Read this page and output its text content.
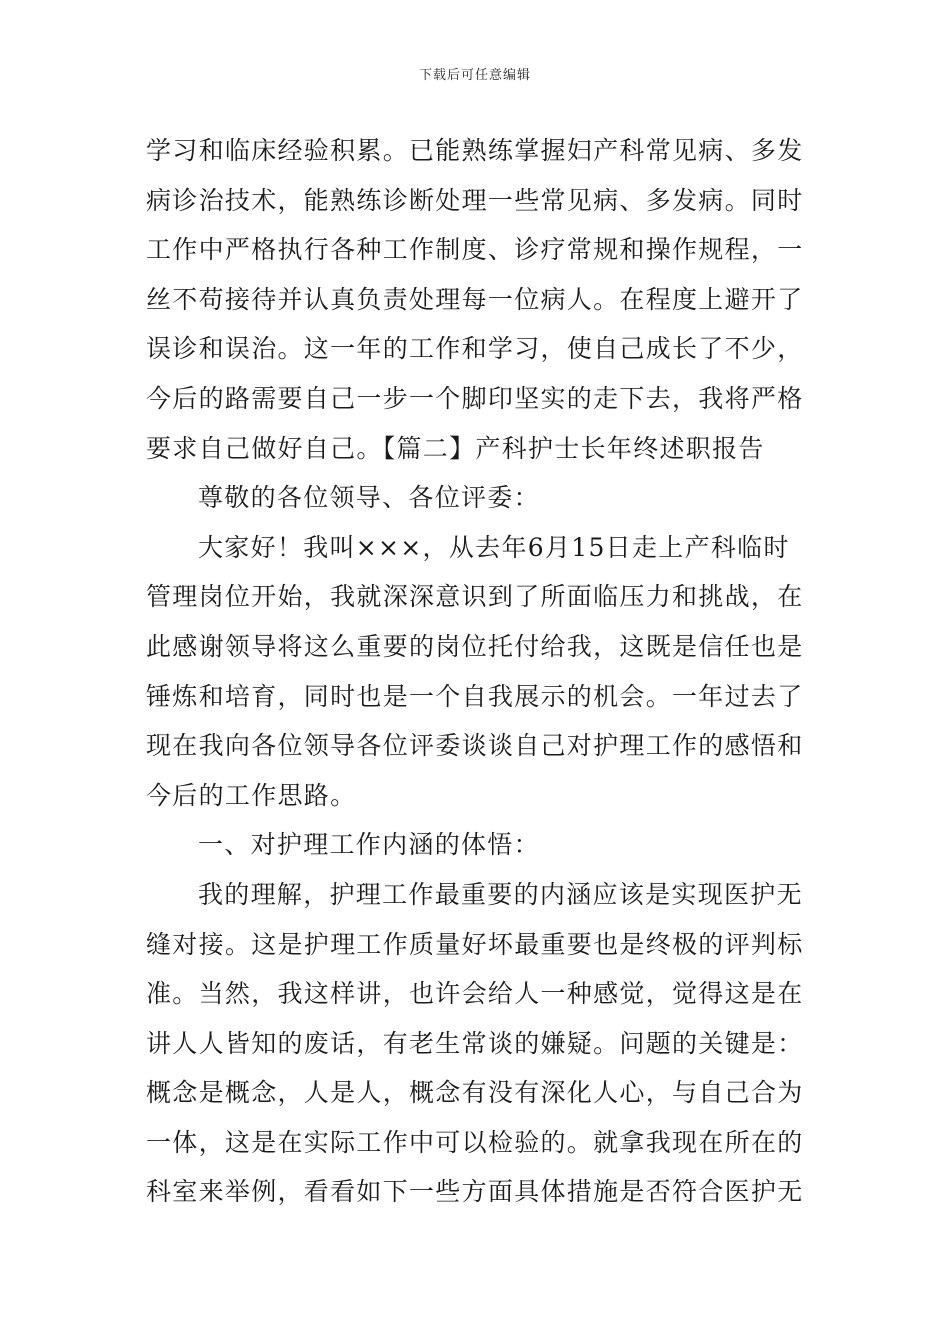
下载后可任意编辑
学习和临床经验积累。已能熟练掌握妇产科常见病、多发
病诊治技术，能熟练诊断处理一些常见病、多发病。同时
工作中严格执行各种工作制度、诊疗常规和操作规程，一
丝不苟接待并认真负责处理每一位病人。在程度上避开了
误诊和误治。这一年的工作和学习，使自己成长了不少，
今后的路需要自己一步一个脚印坚实的走下去，我将严格
要求自己做好自己。【篇二】产科护士长年终述职报告
尊敬的各位领导、各位评委：
大家好！我叫×××，从去年6月15日走上产科临时
管理岗位开始，我就深深意识到了所面临压力和挑战，在
此感谢领导将这么重要的岗位托付给我，这既是信任也是
锤炼和培育，同时也是一个自我展示的机会。一年过去了
现在我向各位领导各位评委谈谈自己对护理工作的感悟和
今后的工作思路。
一、对护理工作内涵的体悟：
我的理解，护理工作最重要的内涵应该是实现医护无
缝对接。这是护理工作质量好坏最重要也是终极的评判标
准。当然，我这样讲，也许会给人一种感觉，觉得这是在
讲人人皆知的废话，有老生常谈的嫌疑。问题的关键是：
概念是概念，人是人，概念有没有深化人心，与自己合为
一体，这是在实际工作中可以检验的。就拿我现在所在的
科室来举例，看看如下一些方面具体措施是否符合医护无
